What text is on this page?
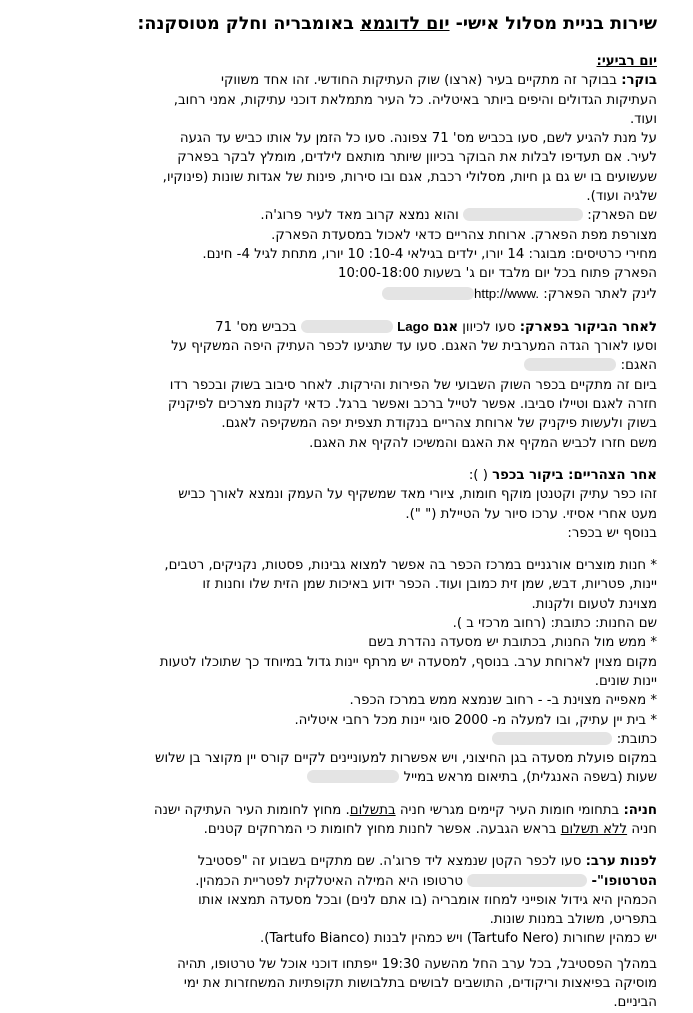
שירות בניית מסלול אישי- יום לדוגמא באומבריה וחלק מטוסקנה:

יום רביעי:

בוקר: בבוקר זה מתקיים בעיר (ארצו) שוק העתיקות החודשי. זהו אחד משווקי

העתיקות הגדולים והיפים ביותר באיטליה. כל העיר מתמלאת דוכני עתיקות, אמני רחוב,

ועוד.

על מנת להגיע לשם, סעו בכביש מס' 71 צפונה. סעו כל הזמן על אותו כביש עד הגעה

לעיר. אם תעדיפו לבלות את הבוקר בכיוון שיותר מותאם לילדים, מומלץ לבקר בפארק

שעשועים בו יש גם גן חיות, מסלולי רכבת, אגם ובו סירות, פינות של אגדות שונות (פינוקיו,

שלגיה ועוד).

שם הפארק:  והוא נמצא קרוב מאד לעיר פרוג'ה.

מצורפת מפת הפארק. ארוחת צהריים כדאי לאכול במסעדת הפארק.

מחירי כרטיסים: מבוגר: 14 יורו, ילדים בגילאי 10-4: 10 יורו, מתחת לגיל 4- חינם.

הפארק פתוח בכל יום מלבד יום ג' בשעות 10:00-18:00

לינק לאתר הפארק: http://www.

לאחר הביקור בפארק: סעו לכיוון אגם Lago  בכביש מס' 71

וסעו לאורך הגדה המערבית של האגם. סעו עד שתגיעו לכפר העתיק היפה המשקיף על

האגם:

ביום זה מתקיים בכפר השוק השבועי של הפירות והירקות. לאחר סיבוב בשוק ובכפר רדו

חזרה לאגם וטיילו סביבו. אפשר לטייל ברכב ואפשר ברגל. כדאי לקנות מצרכים לפיקניק

בשוק ולעשות פיקניק של ארוחת צהריים בנקודת תצפית יפה המשקיפה לאגם.

משם חזרו לכביש המקיף את האגם והמשיכו להקיף את האגם.

אחר הצהריים: ביקור בכפר ( ):

זהו כפר עתיק וקטנטן מוקף חומות, ציורי מאד שמשקיף על העמק ונמצא לאורך כביש

מעט אחרי אסיזי. ערכו סיור על הטיילת (" ").

בנוסף יש בכפר:

* חנות מוצרים אורגניים במרכז הכפר בה אפשר למצוא גבינות, פסטות, נקניקים, רטבים,

יינות, פטריות, דבש, שמן זית כמובן ועוד. הכפר ידוע באיכות שמן הזית שלו וחנות זו

מצוינת לטעום ולקנות.

שם החנות: כתובת: (רחוב מרכזי ב ).

* ממש מול החנות, בכתובת יש מסעדה נהדרת בשם

מקום מצוין לארוחת ערב. בנוסף, למסעדה יש מרתף יינות גדול במיוחד כך שתוכלו לטעות

יינות שונים.

* מאפייה מצוינת ב- - רחוב שנמצא ממש במרכז הכפר.

* בית יין עתיק, ובו למעלה מ- 2000 סוגי יינות מכל רחבי איטליה.

כתובת:

במקום פועלת מסעדה בגן החיצוני, ויש אפשרות למעוניינים לקיים קורס יין מקוצר בן שלוש

שעות (בשפה האנגלית), בתיאום מראש במייל

חניה: בתחומי חומות העיר קיימים מגרשי חניה בתשלום. מחוץ לחומות העיר העתיקה ישנה

חניה ללא תשלום בראש הגבעה. אפשר לחנות מחוץ לחומות כי המרחקים קטנים.

לפנות ערב: סעו לכפר הקטן שנמצא ליד פרוג'ה. שם מתקיים בשבוע זה "פסטיבל

הטרטופו"-  טרטופו היא המילה האיטלקית לפטריית הכמהין.

הכמהין היא גידול אופייני למחוז אומבריה (בו אתם לנים) ובכל מסעדה תמצאו אותו

בתפריט, משולב במנות שונות.

יש כמהין שחורות (Tartufo Nero) ויש כמהין לבנות (Tartufo Bianco).

במהלך הפסטיבל, בכל ערב החל מהשעה 19:30 ייפתחו דוכני אוכל של טרטופו, תהיה

מוסיקה בפיאצות וריקודים, התושבים לבושים בתלבושות תקופתיות המשחזרות את ימי

הביניים.
